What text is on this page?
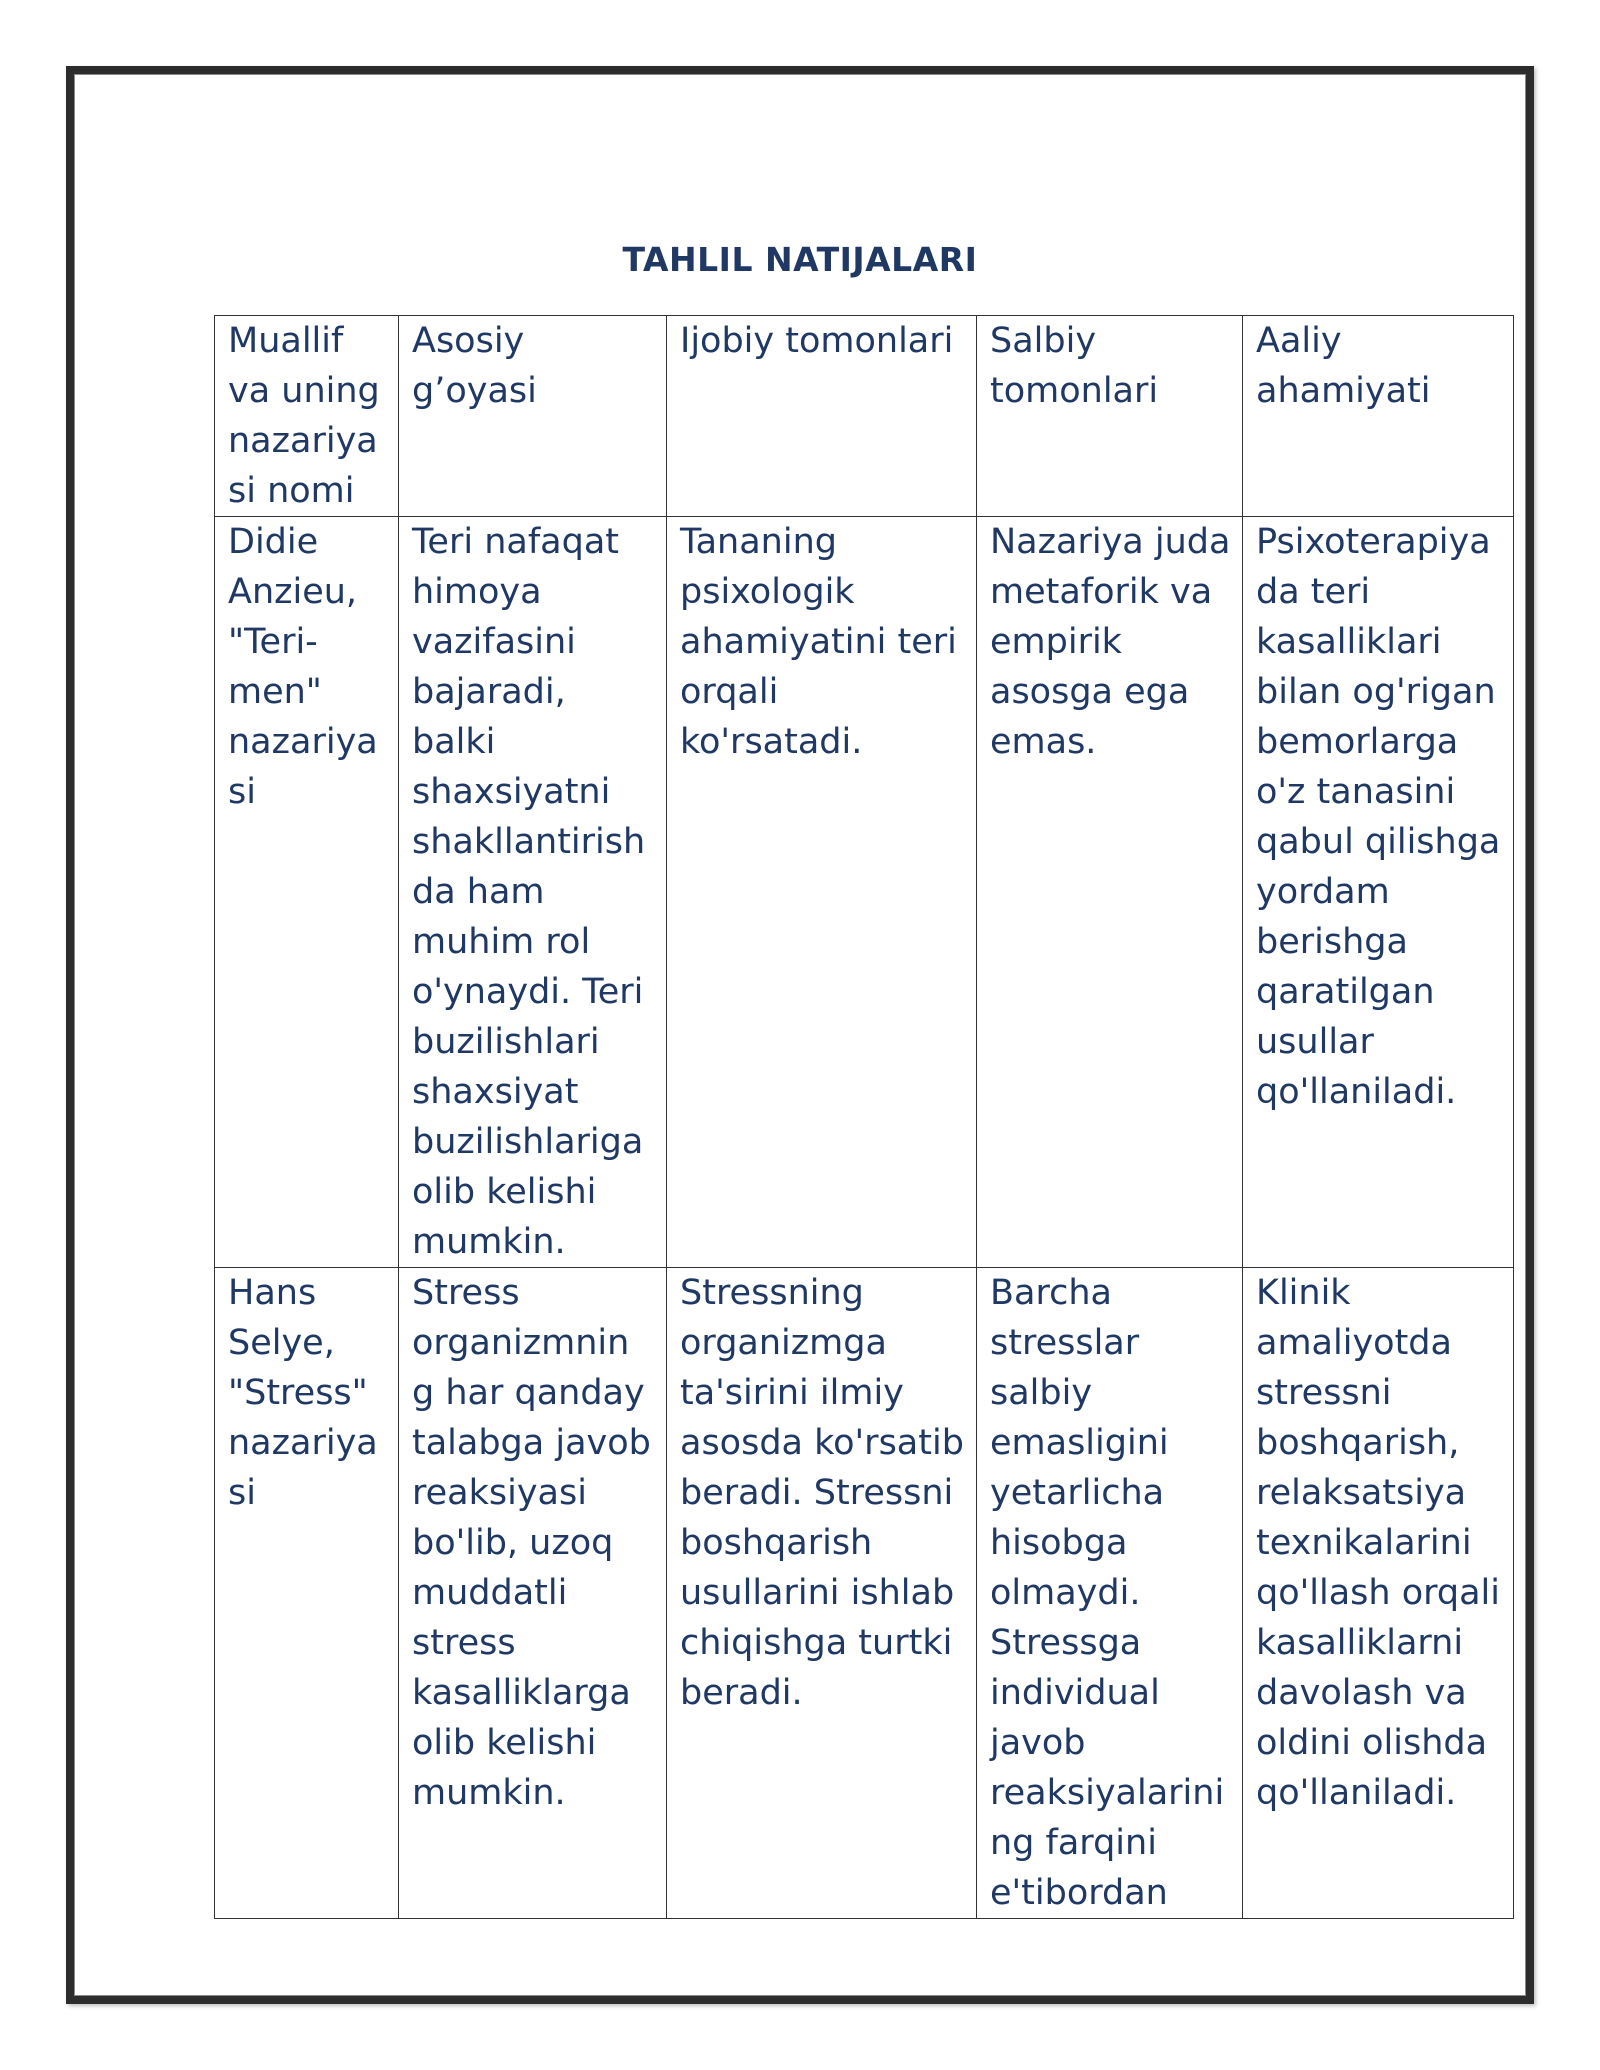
TAHLIL NATIJALARI
Muallif va uning nazariya si nomi	Asosiy g’oyasi	Ijobiy tomonlari	Salbiy tomonlari	Aaliy ahamiyati
Didie Anzieu, "Teri-men" nazariya si	Teri nafaqat himoya vazifasini bajaradi, balki shaxsiyatni shakllantirish da ham muhim rol o'ynaydi. Teri buzilishlari shaxsiyat buzilishlariga olib kelishi mumkin.	Tananing psixologik ahamiyatini teri orqali ko'rsatadi.	Nazariya juda metaforik va empirik asosga ega emas.	Psixoterapiya da teri kasalliklari bilan og'rigan bemorlarga o'z tanasini qabul qilishga yordam berishga qaratilgan usullar qo'llaniladi.
Hans Selye, "Stress" nazariya si	Stress organizmnin g har qanday talabga javob reaksiyasi bo'lib, uzoq muddatli stress kasalliklarga olib kelishi mumkin.	Stressning organizmga ta'sirini ilmiy asosda ko'rsatib beradi. Stressni boshqarish usullarini ishlab chiqishga turtki beradi.	Barcha stresslar salbiy emasligini yetarlicha hisobga olmaydi. Stressga individual javob reaksiyalarini ng farqini e'tibordan	Klinik amaliyotda stressni boshqarish, relaksatsiya texnikalarini qo'llash orqali kasalliklarni davolash va oldini olishda qo'llaniladi.
